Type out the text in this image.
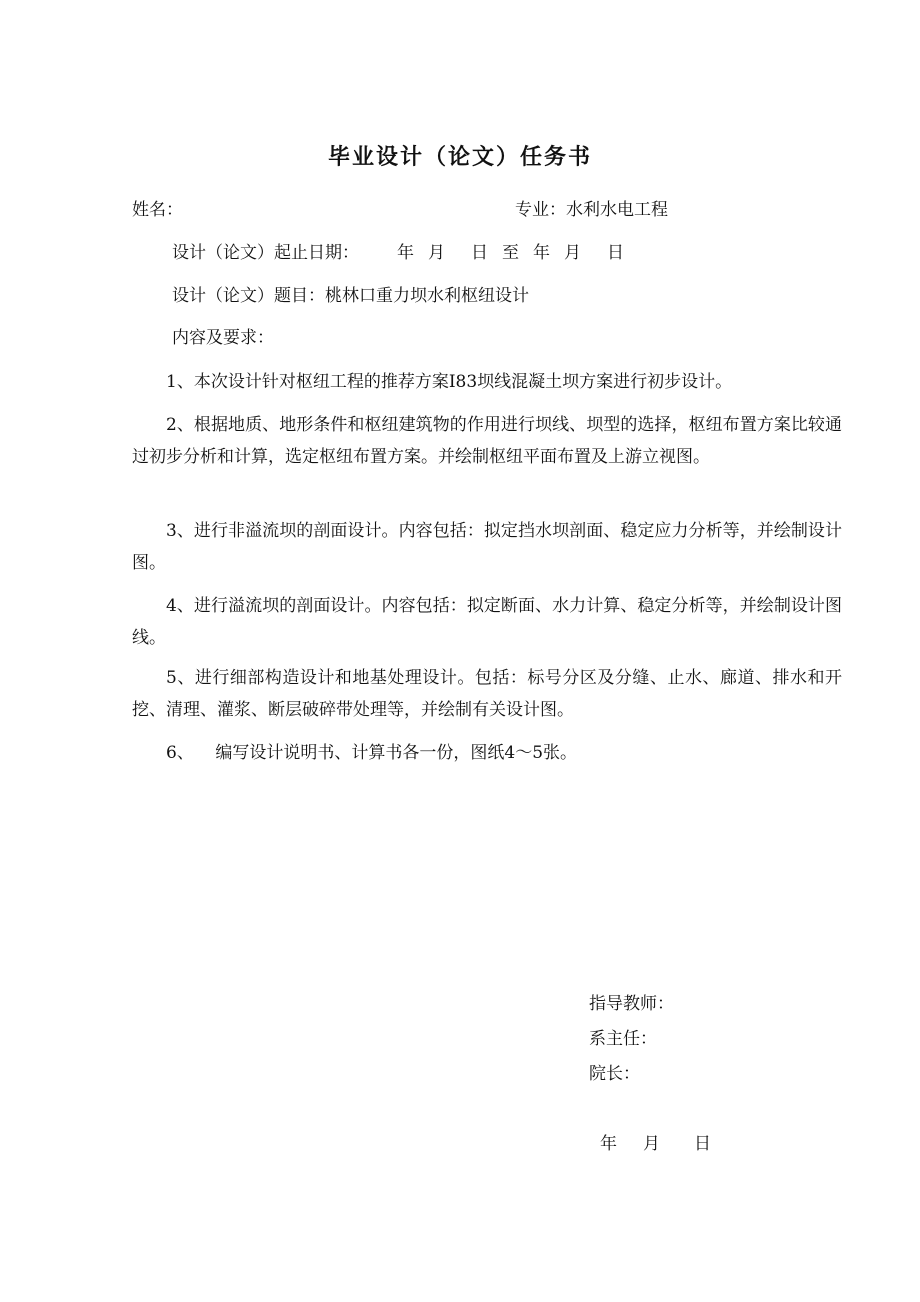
毕业设计（论文）任务书
姓名：	专业：水利水电工程
设计（论文）起止日期： 年 月 日 至 年 月 日
设计（论文）题目：桃林口重力坝水利枢纽设计
内容及要求：
1、本次设计针对枢纽工程的推荐方案Ⅰ83坝线混凝土坝方案进行初步设计。
2、根据地质、地形条件和枢纽建筑物的作用进行坝线、坝型的选择，枢纽布置方案比较通过初步分析和计算，选定枢纽布置方案。并绘制枢纽平面布置及上游立视图。
3、进行非溢流坝的剖面设计。内容包括：拟定挡水坝剖面、稳定应力分析等，并绘制设计图。
4、进行溢流坝的剖面设计。内容包括：拟定断面、水力计算、稳定分析等，并绘制设计图线。
5、进行细部构造设计和地基处理设计。包括：标号分区及分缝、止水、廊道、排水和开挖、清理、灌浆、断层破碎带处理等，并绘制有关设计图。
6、    编写设计说明书、计算书各一份，图纸4～5张。
指导教师：
系主任：
院长：
年 月 日
